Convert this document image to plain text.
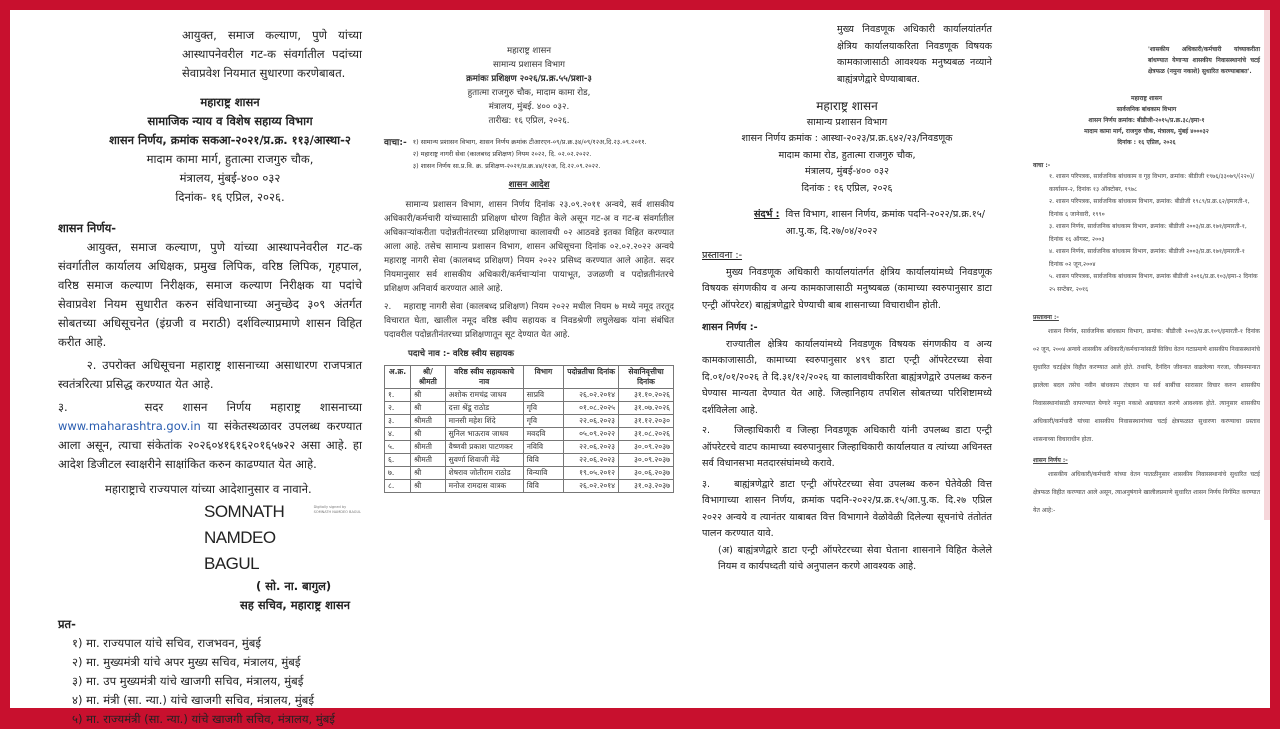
आयुक्त, समाज कल्याण, पुणे यांच्या आस्थापनेवरील गट-क संवर्गातील पदांच्या सेवाप्रवेश नियमात सुधारणा करणेबाबत.

महाराष्ट्र शासन

सामाजिक न्याय व विशेष सहाय्य विभाग

शासन निर्णय, क्रमांक सकआ-२०२१/प्र.क्र. ११३/आस्था-२

मादाम कामा मार्ग, हुतात्मा राजगुरु चौक,

मंत्रालय, मुंबई-४०० ०३२

दिनांक- १६ एप्रिल, २०२६.

शासन निर्णय-

आयुक्त, समाज कल्याण, पुणे यांच्या आस्थापनेवरील गट-क संवर्गातील कार्यालय अधिक्षक, प्रमुख लिपिक, वरिष्ठ लिपिक, गृहपाल, वरिष्ठ समाज कल्याण निरीक्षक, समाज कल्याण निरीक्षक या पदांचे सेवाप्रवेश नियम सुधारीत करुन संविधानाच्या अनुच्छेद ३०९ अंतर्गत सोबतच्या अधिसूचनेत (इंग्रजी व मराठी) दर्शविल्याप्रमाणे शासन विहित करीत आहे.

२. उपरोक्त अधिसूचना महाराष्ट्र शासनाच्या असाधारण राजपत्रात स्वतंत्ररित्या प्रसिद्ध करण्यात येत आहे.

३.	सदर शासन निर्णय महाराष्ट्र शासनाच्या www.maharashtra.gov.in या संकेतस्थळावर उपलब्ध करण्यात आला असून, त्याचा संकेतांक २०२६०४१६१६२०१६५७२२ असा आहे. हा आदेश डिजीटल स्वाक्षरीने साक्षांकित करुन काढण्यात येत आहे.

महाराष्ट्राचे राज्यपाल यांच्या आदेशानुसार व नावाने.

SOMNATH

NAMDEO BAGUL

Digitally signed by SOMNATH NAMDEO BAGUL

( सो. ना. बागुल)

सह सचिव, महाराष्ट्र शासन

प्रत-

१) मा. राज्यपाल यांचे सचिव, राजभवन, मुंबई

२) मा. मुख्यमंत्री यांचे अपर मुख्य सचिव, मंत्रालय, मुंबई

३) मा. उप मुख्यमंत्री यांचे खाजगी सचिव, मंत्रालय, मुंबई

४) मा. मंत्री (सा. न्या.) यांचे खाजगी सचिव, मंत्रालय, मुंबई

५) मा. राज्यमंत्री (सा. न्या.) यांचे खाजगी सचिव, मंत्रालय, मुंबई

महाराष्ट्र शासन

सामान्य प्रशासन विभाग

क्रमांकः प्रशिक्षण २०२६/प्र.क्र.५५/प्रशा-३

हुतात्मा राजगुरु चौक, मादाम कामा रोड,

मंत्रालय, मुंबई. ४०० ०३२.

तारीख: १६ एप्रिल, २०२६.

वाचा:- १) सामान्य प्रशासन विभाग, शासन निर्णय क्रमांक टीआरएन-०९/प्र.क्र.३४/०९/१२अ,दि.२३.०९.२०११.

२) महाराष्ट्र नागरी सेवा (कालबध्द प्रशिक्षण) नियम २०२२, दि. ०२.०२.२०२२.

३) शासन निर्णय सा.प्र.वि. क्र. प्रशिक्षण-२०२१/प्र.क्र.४४/१२अ, दि.२२.०९.२०२२.

शासन आदेश

सामान्य प्रशासन विभाग, शासन निर्णय दिनांक २३.०९.२०११ अन्वये, सर्व शासकीय अधिकारी/कर्मचारी यांच्यासाठी प्रशिक्षण धोरण विहीत केले असून गट-अ व गट-ब संवर्गातील अधिकाऱ्यांकरीता पदोन्नतीनंतरच्या प्रशिक्षणाचा कालावधी ०२ आठवडे इतका विहित करण्यात आला आहे. तसेच सामान्य प्रशासन विभाग, शासन अधिसूचना दिनांक ०२.०२.२०२२ अन्वये महाराष्ट्र नागरी सेवा (कालबध्द प्रशिक्षण) नियम २०२२ प्रसिध्द करण्यात आले आहेत. सदर नियमानुसार सर्व शासकीय अधिकारी/कर्मचाऱ्यांना पायाभूत, उजळणी व पदोन्नतीनंतरचे प्रशिक्षण अनिवार्य करण्यात आले आहे.

२. महाराष्ट्र नागरी सेवा (कालबध्द प्रशिक्षण) नियम २०२२ मधील नियम ७ मध्ये नमूद तरतूद विचारात घेता, खालील नमूद वरिष्ठ स्वीय सहायक व निवडश्रेणी लघुलेखक यांना संबंधित पदावरील पदोन्नतीनंतरच्या प्रशिक्षणातून सूट देण्यात येत आहे.

पदाचे नाव :- वरिष्ठ स्वीय सहायक

अ.क्र.	श्री/ श्रीमती	वरिष्ठ स्वीय सहायकाचे नाव	विभाग	पदोन्नतीचा दिनांक	सेवानिवृत्तीचा दिनांक
१.	श्री	अशोक रामचंद्र जाधव	साप्रवि	२६.०२.२०१४	३१.१०.२०२६
२.	श्री	दत्ता श्रेंडू राठोड	गृवि	०१.०८.२०२५	३१.०७.२०२६
३.	श्रीमती	मानसी महेश शिंदे	गृवि	२२.०६.२०२३	३१.१२.२०३०
४.	श्री	सुनिल भाऊराव जाधव	मवदवि	०५.०९.२०२२	३१.०८.२०२६
५.	श्रीमती	वैष्णवी प्रकाश पाटणकर	नविवि	२२.०६.२०२३	३०.०९.२०३७
६.	श्रीमती	सुवर्णा शिवाजी मेंढे	विवि	२२.०६.२०२३	३०.०९.२०३७
७.	श्री	शेषराव जोतीराम राठोड	विन्यावि	१९.०५.२०१२	३०.०६.२०३७
८.	श्री	मनोज रामदास वात्रक	विवि	२६.०२.२०१४	३१.०३.२०३७

मुख्य निवडणूक अधिकारी कार्यालयांतर्गत क्षेत्रिय कार्यालयाकरिता निवडणूक विषयक कामकाजासाठी आवश्यक मनुष्यबळ नव्याने बाह्यंत्रणेद्वारे घेण्याबाबत.

महाराष्ट्र शासन

सामान्य प्रशासन विभाग

शासन निर्णय क्रमांक : आस्था-२०२३/प्र.क्र.६४२/२३/निवडणूक

मादाम कामा रोड, हुतात्मा राजगुरु चौक,

मंत्रालय, मुंबई-४०० ०३२

दिनांक : १६ एप्रिल, २०२६

संदर्भ : वित्त विभाग, शासन निर्णय, क्रमांक पदनि-२०२२/प्र.क्र.१५/आ.पु.क, दि.२७/०४/२०२२

प्रस्तावना :-

मुख्य निवडणूक अधिकारी कार्यालयांतर्गत क्षेत्रिय कार्यालयांमध्ये निवडणूक विषयक संगणकीय व अन्य कामकाजासाठी मनुष्यबळ (कामाच्या स्वरुपानुसार डाटा एन्ट्री ऑपरेटर) बाह्यंत्रणेद्वारे घेण्याची बाब शासनाच्या विचाराधीन होती.

शासन निर्णय :-

राज्यातील क्षेत्रिय कार्यालयांमध्ये निवडणूक विषयक संगणकीय व अन्य कामकाजासाठी, कामाच्या स्वरुपानुसार ४९९ डाटा एन्ट्री ऑपरेटरच्या सेवा दि.०१/०१/२०२६ ते दि.३१/१२/२०२६ या कालावधीकरिता बाह्यंत्रणेद्वारे उपलब्ध करुन घेण्यास मान्यता देण्यात येत आहे. जिल्हानिहाय तपशिल सोबतच्या परिशिष्टामध्ये दर्शविलेला आहे.

२.	जिल्हाधिकारी व जिल्हा निवडणूक अधिकारी यांनी उपलब्ध डाटा एन्ट्री ऑपरेटरचे वाटप कामाच्या स्वरुपानुसार जिल्हाधिकारी कार्यालयात व त्यांच्या अधिनस्त सर्व विधानसभा मतदारसंघांमध्ये करावे.

३.	बाह्यंत्रणेद्वारे डाटा एन्ट्री ऑपरेटरच्या सेवा उपलब्ध करुन घेतेवेळी वित्त विभागाच्या शासन निर्णय, क्रमांक पदनि-२०२२/प्र.क्र.१५/आ.पु.क. दि.२७ एप्रिल २०२२ अन्वये व त्यानंतर याबाबत वित्त विभागाने वेळोवेळी दिलेल्या सूचनांचे तंतोतंत पालन करण्यात यावे.

(अ) बाह्यंत्रणेद्वारे डाटा एन्ट्री ऑपरेटरच्या सेवा घेताना शासनाने विहित केलेले नियम व कार्यपध्दती यांचे अनुपालन करणे आवश्यक आहे.

'शासकीय अधिकारी/कर्मचारी यांच्याकरीता बांधण्यात येणाऱ्या शासकीय निवासस्थानांचे चटई क्षेत्रफळ (नमुना नकाशे) सुधारित करण्याबाबत'.

महाराष्ट्र शासन

सार्वजनिक बांधकाम विभाग

शासन निर्णय क्रमांक: बीडीजी-२०१५/प्र.क्र.३८/इमा-१

मादाम कामा मार्ग, राजगुरु चौक, मंत्रालय, मुंबई ४०००३२

दिनांक : १६ एप्रिल, २०२६

वाचा :-

१. शासन परिपत्रक, सार्वजनिक बांधकाम व गृह विभाग, क्रमांक: बीडीजी १९७६/३३०७९/(२२०)/ कार्यासन-२, दिनांक १३ ऑक्टोबर, १९७८

२. शासन परिपत्रक, सार्वजनिक बांधकाम विभाग, क्रमांक: बीडीजी १९८९/प्र.क्र.६२/इमारती-१, दिनांक ६ जानेवारी, १९९०

३. शासन निर्णय, सार्वजनिक बांधकाम विभाग, क्रमांक: बीडीजी २००३/प्र.क्र.१७१/इमारती-१, दिनांक १६ ऑगस्ट, २००३

४. शासन निर्णय, सार्वजनिक बांधकाम विभाग, क्रमांक: बीडीजी २००३/प्र.क्र.१७१/इमारती-१ दिनांक ०२ जून,२००४

५. शासन परिपत्रक, सार्वजनिक बांधकाम विभाग, क्रमांक बीडीजी २०१६/प्र.क्र.१०३/इमा-२ दिनांक २५ सप्टेंबर, २०१६

प्रस्तावना :-

शासन निर्णय, सार्वजनिक बांधकाम विभाग, क्रमांक: बीडीजी २००३/प्र.क्र.१०९/इमारती-१ दिनांक ०२ जून, २००४ अन्वये शासकीय अधिकारी/कर्मचाऱ्यांसाठी विविध वेतन गटाप्रमाणे शासकीय निवासस्थानांचे सुधारित चटईक्षेत्र विहीत करण्यात आले होते. तथापि, दैनंदिन जीवनात वाढलेल्या गरजा, जीवनमानात झालेला बदल तसेच नवीन बांधकाम तंत्रज्ञान या सर्व बाबींचा सारासार विचार करुन शासकीय निवासस्थानांसाठी वापरण्यात येणारे नमुना नकाशे अद्ययावत करणे आवश्यक होते. त्यानुसार शासकीय अधिकारी/कर्मचारी यांच्या शासकीय निवासस्थानांच्या चटई क्षेत्रफळात सुधारणा करण्याचा प्रस्ताव शासनाच्या विचाराधीन होता.

शासन निर्णय :-

शासकीय अधिकारी/कर्मचारी यांच्या वेतन पातळीनुसार शासकीय निवासस्थानांचे सुधारित चटई क्षेत्रफळ विहीत करण्यात आले असून, त्याअनुषंगाने खालीलप्रमाणे सुधारित शासन निर्णय निर्गमित करण्यात येत आहे:-
